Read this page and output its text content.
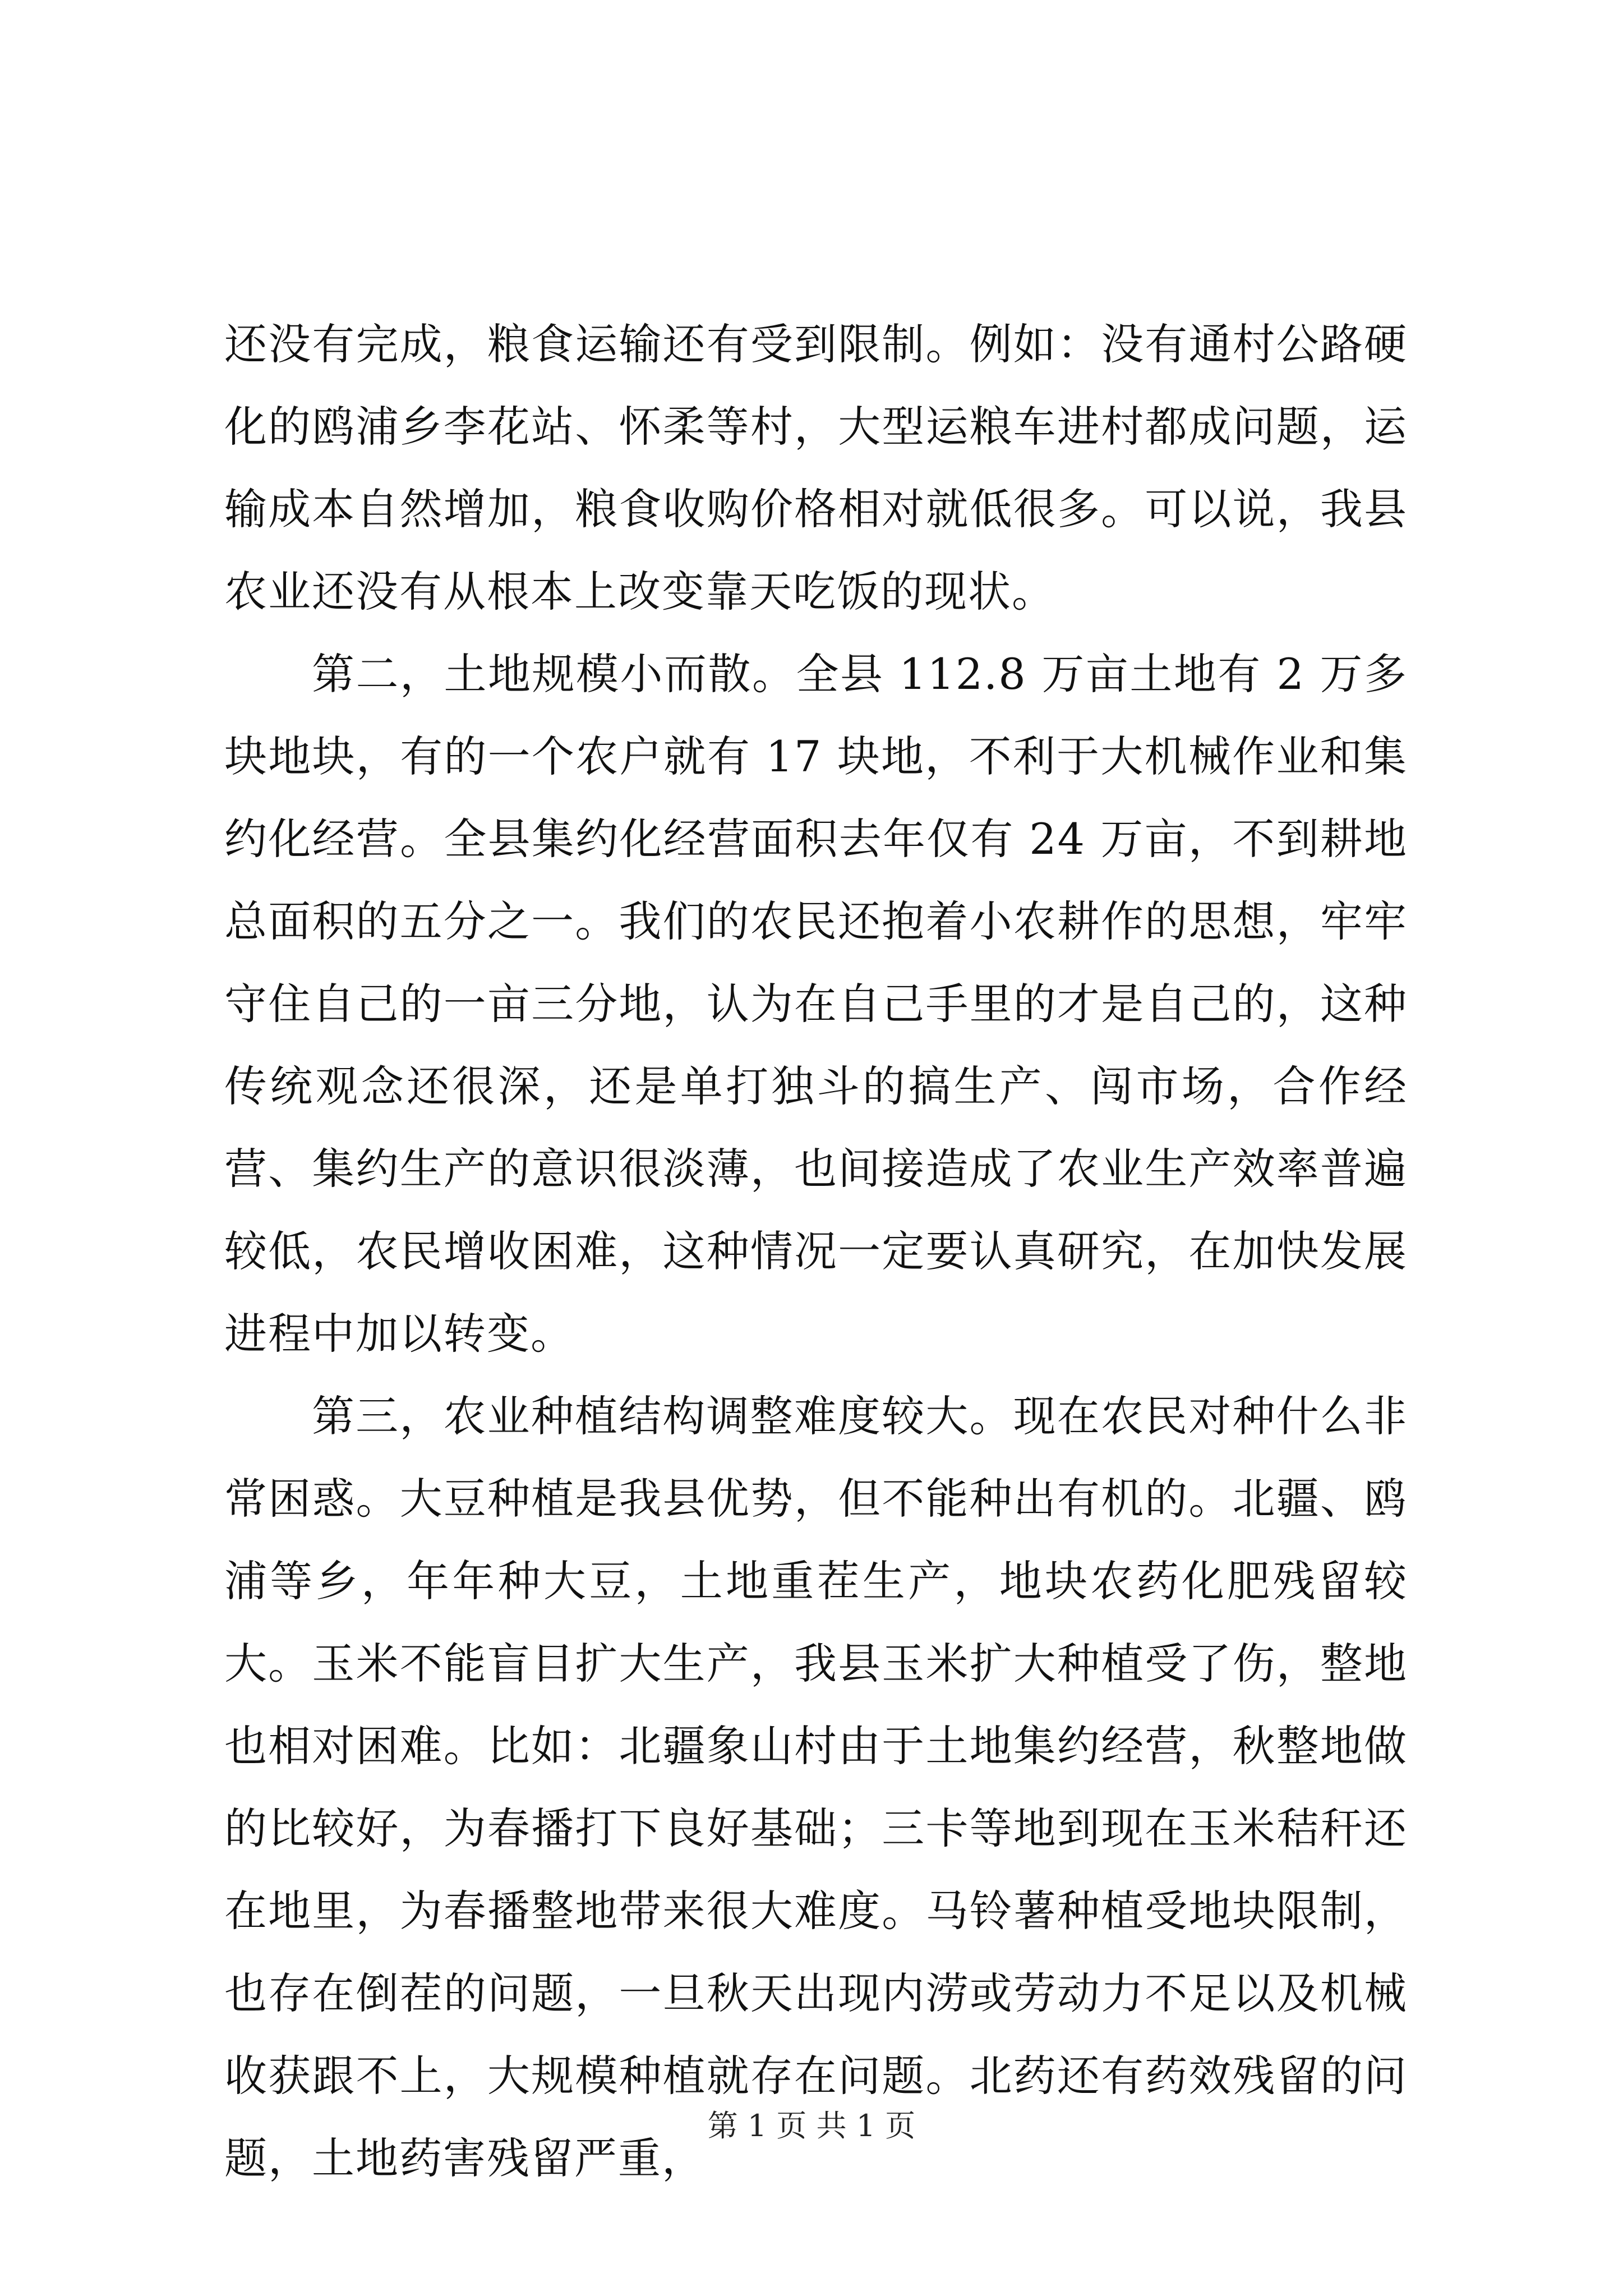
还没有完成，粮食运输还有受到限制。例如：没有通村公路硬化的鸥浦乡李花站、怀柔等村，大型运粮车进村都成问题，运输成本自然增加，粮食收购价格相对就低很多。可以说，我县农业还没有从根本上改变靠天吃饭的现状。

第二，土地规模小而散。全县 112.8 万亩土地有 2 万多块地块，有的一个农户就有 17 块地，不利于大机械作业和集约化经营。全县集约化经营面积去年仅有 24 万亩，不到耕地总面积的五分之一。我们的农民还抱着小农耕作的思想，牢牢守住自己的一亩三分地，认为在自己手里的才是自己的，这种传统观念还很深，还是单打独斗的搞生产、闯市场，合作经营、集约生产的意识很淡薄，也间接造成了农业生产效率普遍较低，农民增收困难，这种情况一定要认真研究，在加快发展进程中加以转变。

第三，农业种植结构调整难度较大。现在农民对种什么非常困惑。大豆种植是我县优势，但不能种出有机的。北疆、鸥浦等乡，年年种大豆，土地重茬生产，地块农药化肥残留较大。玉米不能盲目扩大生产，我县玉米扩大种植受了伤，整地也相对困难。比如：北疆象山村由于土地集约经营，秋整地做的比较好，为春播打下良好基础；三卡等地到现在玉米秸秆还在地里，为春播整地带来很大难度。马铃薯种植受地块限制，也存在倒茬的问题，一旦秋天出现内涝或劳动力不足以及机械收获跟不上，大规模种植就存在问题。北药还有药效残留的问题，土地药害残留严重，

第 1 页 共 1 页
